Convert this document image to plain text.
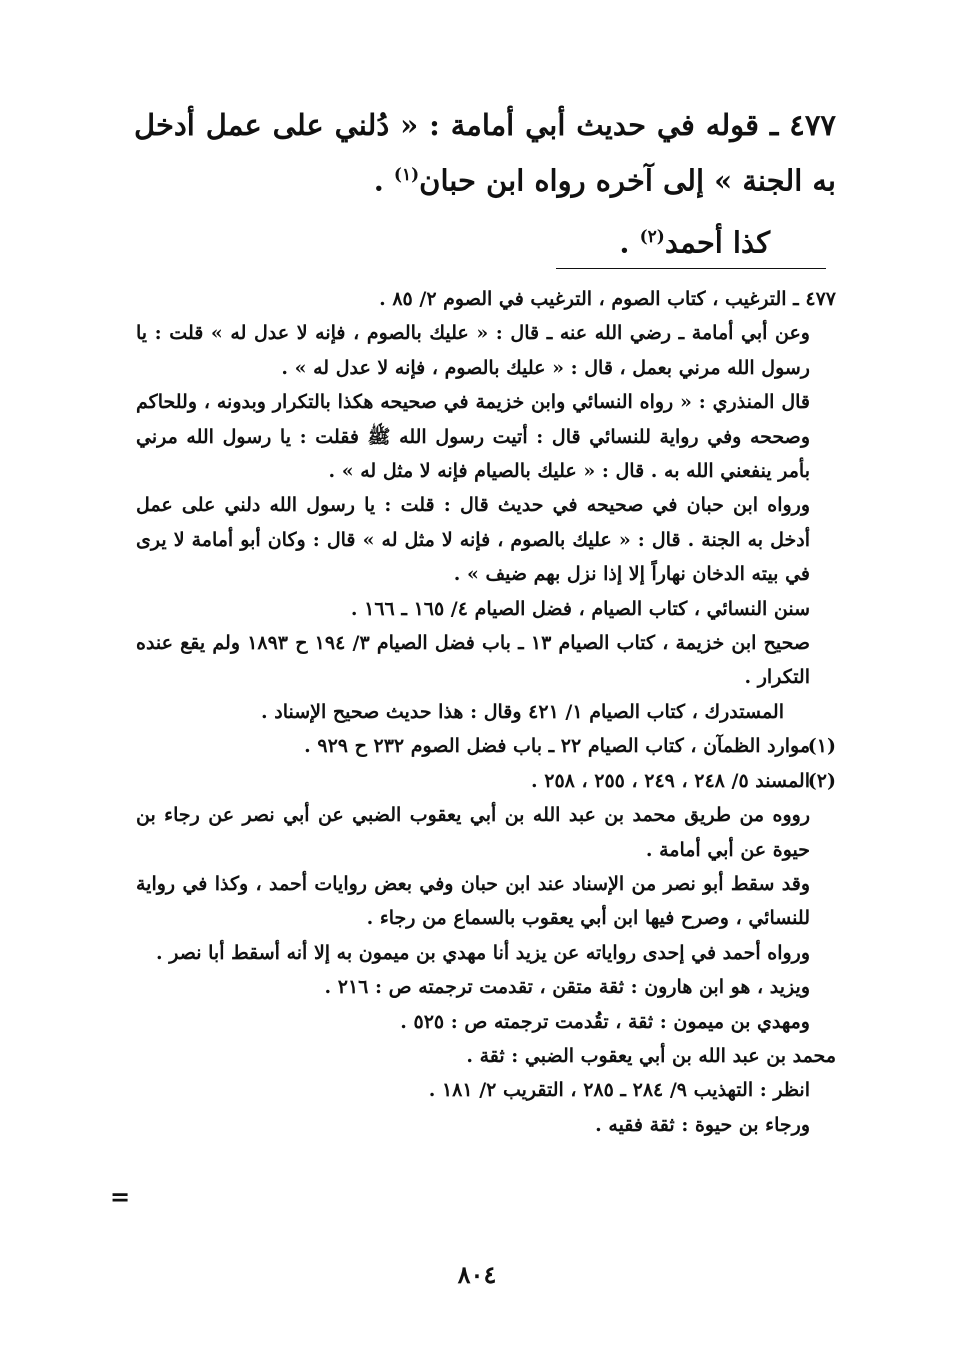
٤٧٧ ـ قوله في حديث أبي أمامة : « دُلني على عمل أدخل به الجنة » إلى آخره رواه ابن حبان$^{(١)}$ .

كذا أحمد$^{(٢)}$ .

٤٧٧ ـ الترغيب ، كتاب الصوم ، الترغيب في الصوم ٢/ ٨٥ .

وعن أبي أمامة ـ رضي الله عنه ـ قال : « عليك بالصوم ، فإنه لا عدل له » قلت : يا رسول الله مرني بعمل ، قال : « عليك بالصوم ، فإنه لا عدل له » .

قال المنذري : « رواه النسائي وابن خزيمة في صحيحه هكذا بالتكرار وبدونه ، وللحاكم وصححه وفي رواية للنسائي قال : أتيت رسول الله ﷺ فقلت : يا رسول الله مرني بأمر ينفعني الله به . قال : « عليك بالصيام فإنه لا مثل له » .

ورواه ابن حبان في صحيحه في حديث قال : قلت : يا رسول الله دلني على عمل أدخل به الجنة . قال : « عليك بالصوم ، فإنه لا مثل له » قال : وكان أبو أمامة لا يرى في بيته الدخان نهاراً إلا إذا نزل بهم ضيف » .

سنن النسائي ، كتاب الصيام ، فضل الصيام ٤/ ١٦٥ ـ ١٦٦ .

صحيح ابن خزيمة ، كتاب الصيام ١٣ ـ باب فضل الصيام ٣/ ١٩٤ ح ١٨٩٣ ولم يقع عنده التكرار .

المستدرك ، كتاب الصيام ١/ ٤٢١ وقال : هذا حديث صحيح الإسناد .

(١)
موارد الظمآن ، كتاب الصيام ٢٢ ـ باب فضل الصوم ٢٣٢ ح ٩٢٩ .
(٢)
المسند ٥/ ٢٤٨ ، ٢٤٩ ، ٢٥٥ ، ٢٥٨ .

رووه من طريق محمد بن عبد الله بن أبي يعقوب الضبي عن أبي نصر عن رجاء بن حيوة عن أبي أمامة .

وقد سقط أبو نصر من الإسناد عند ابن حبان وفي بعض روايات أحمد ، وكذا في رواية للنسائي ، وصرح فيها ابن أبي يعقوب بالسماع من رجاء .

ورواه أحمد في إحدى رواياته عن يزيد أنا مهدي بن ميمون به إلا أنه أسقط أبا نصر .

ويزيد ، هو ابن هارون : ثقة متقن ، تقدمت ترجمته ص : ٢١٦ .

ومهدي بن ميمون : ثقة ، تقُدمت ترجمته ص : ٥٢٥ .

محمد بن عبد الله بن أبي يعقوب الضبي : ثقة .

انظر : التهذيب ٩/ ٢٨٤ ـ ٢٨٥ ، التقريب ٢/ ١٨١ .

ورجاء بن حيوة : ثقة فقيه .

=
٨٠٤
